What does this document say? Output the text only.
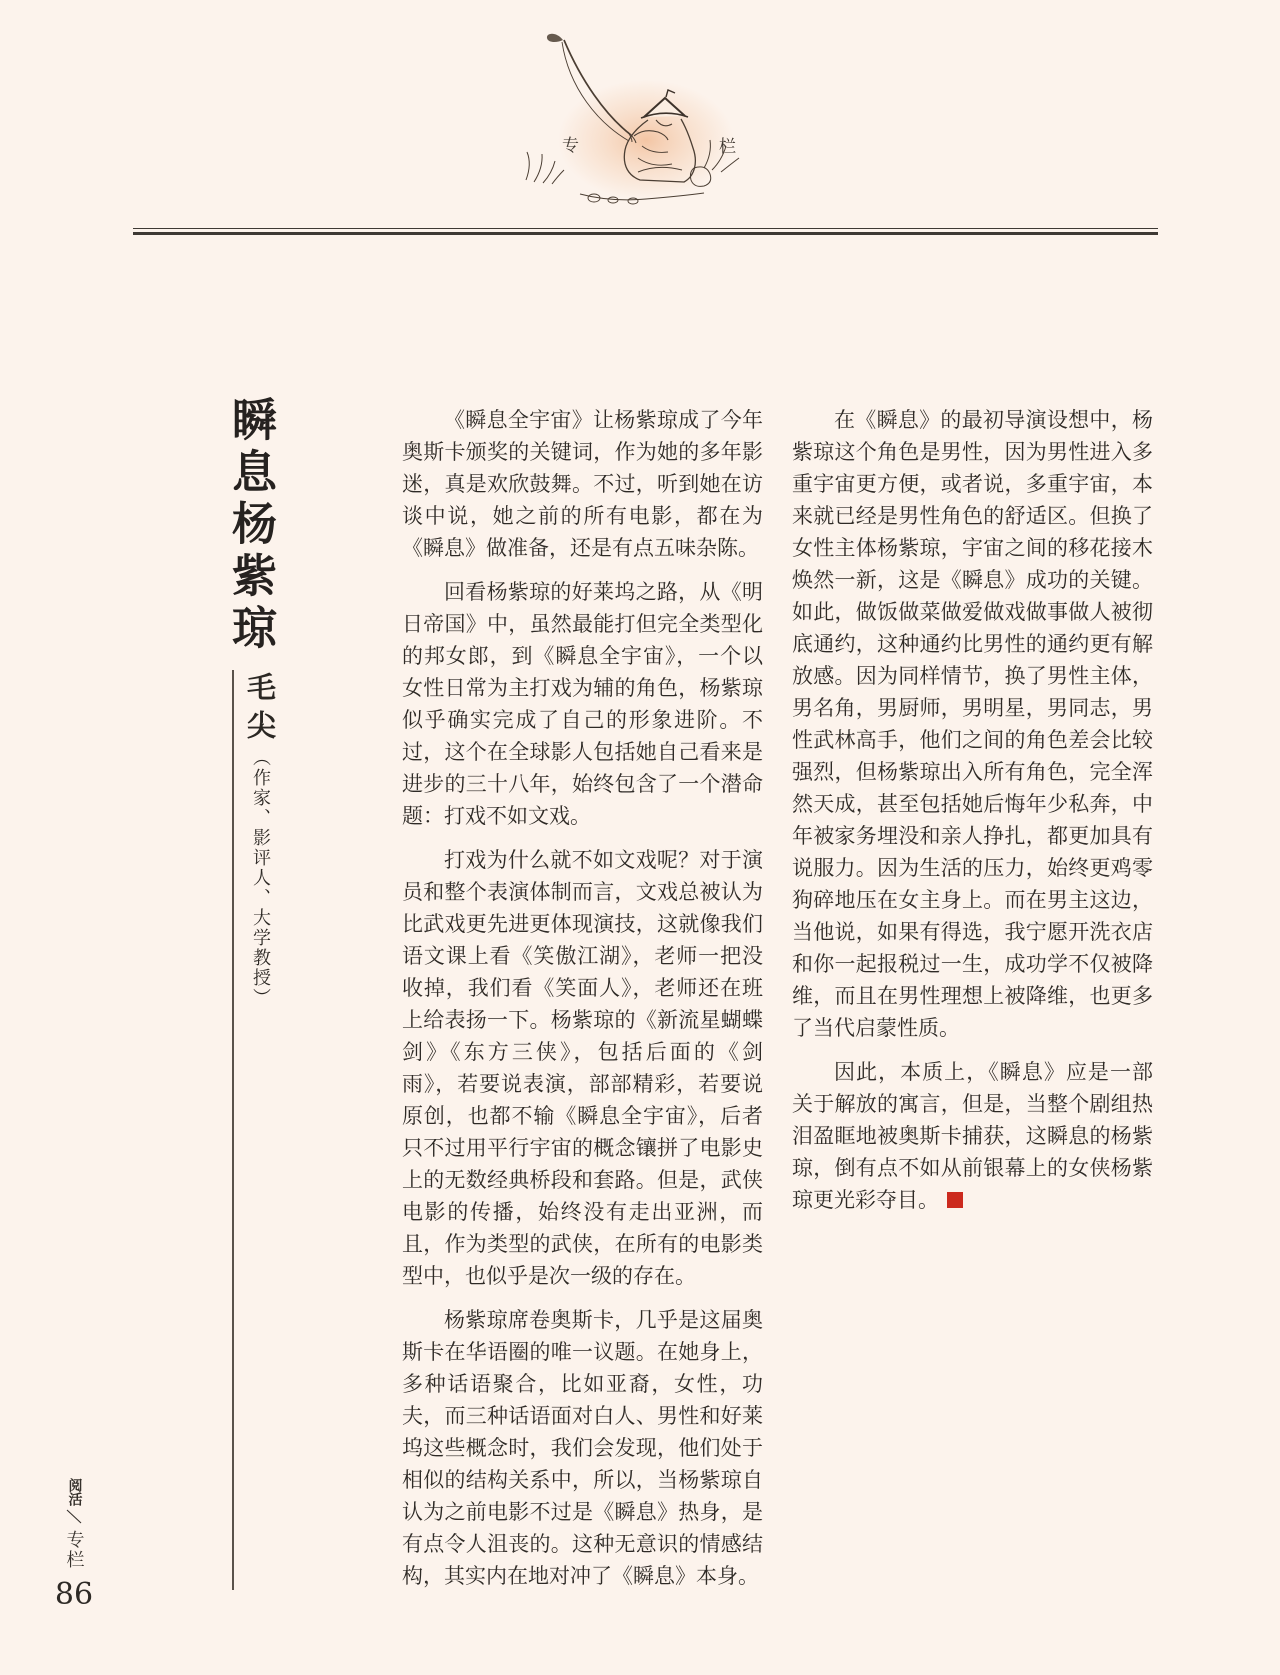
专	栏
瞬息杨紫琼
毛尖（作家、影评人、大学教授）

《瞬息全宇宙》让杨紫琼成了今年奥斯卡颁奖的关键词，作为她的多年影迷，真是欢欣鼓舞。不过，听到她在访谈中说，她之前的所有电影，都在为《瞬息》做准备，还是有点五味杂陈。

回看杨紫琼的好莱坞之路，从《明日帝国》中，虽然最能打但完全类型化的邦女郎，到《瞬息全宇宙》，一个以女性日常为主打戏为辅的角色，杨紫琼似乎确实完成了自己的形象进阶。不过，这个在全球影人包括她自己看来是进步的三十八年，始终包含了一个潜命题：打戏不如文戏。

打戏为什么就不如文戏呢？对于演员和整个表演体制而言，文戏总被认为比武戏更先进更体现演技，这就像我们语文课上看《笑傲江湖》，老师一把没收掉，我们看《笑面人》，老师还在班上给表扬一下。杨紫琼的《新流星蝴蝶剑》《东方三侠》，包括后面的《剑雨》，若要说表演，部部精彩，若要说原创，也都不输《瞬息全宇宙》，后者只不过用平行宇宙的概念镶拼了电影史上的无数经典桥段和套路。但是，武侠电影的传播，始终没有走出亚洲，而且，作为类型的武侠，在所有的电影类型中，也似乎是次一级的存在。

杨紫琼席卷奥斯卡，几乎是这届奥斯卡在华语圈的唯一议题。在她身上，多种话语聚合，比如亚裔，女性，功夫，而三种话语面对白人、男性和好莱坞这些概念时，我们会发现，他们处于相似的结构关系中，所以，当杨紫琼自认为之前电影不过是《瞬息》热身，是有点令人沮丧的。这种无意识的情感结构，其实内在地对冲了《瞬息》本身。

在《瞬息》的最初导演设想中，杨紫琼这个角色是男性，因为男性进入多重宇宙更方便，或者说，多重宇宙，本来就已经是男性角色的舒适区。但换了女性主体杨紫琼，宇宙之间的移花接木焕然一新，这是《瞬息》成功的关键。如此，做饭做菜做爱做戏做事做人被彻底通约，这种通约比男性的通约更有解放感。因为同样情节，换了男性主体，男名角，男厨师，男明星，男同志，男性武林高手，他们之间的角色差会比较强烈，但杨紫琼出入所有角色，完全浑然天成，甚至包括她后悔年少私奔，中年被家务埋没和亲人挣扎，都更加具有说服力。因为生活的压力，始终更鸡零狗碎地压在女主身上。而在男主这边，当他说，如果有得选，我宁愿开洗衣店和你一起报税过一生，成功学不仅被降维，而且在男性理想上被降维，也更多了当代启蒙性质。

因此，本质上，《瞬息》应是一部关于解放的寓言，但是，当整个剧组热泪盈眶地被奥斯卡捕获，这瞬息的杨紫琼，倒有点不如从前银幕上的女侠杨紫琼更光彩夺目。

阅活
专栏
86
